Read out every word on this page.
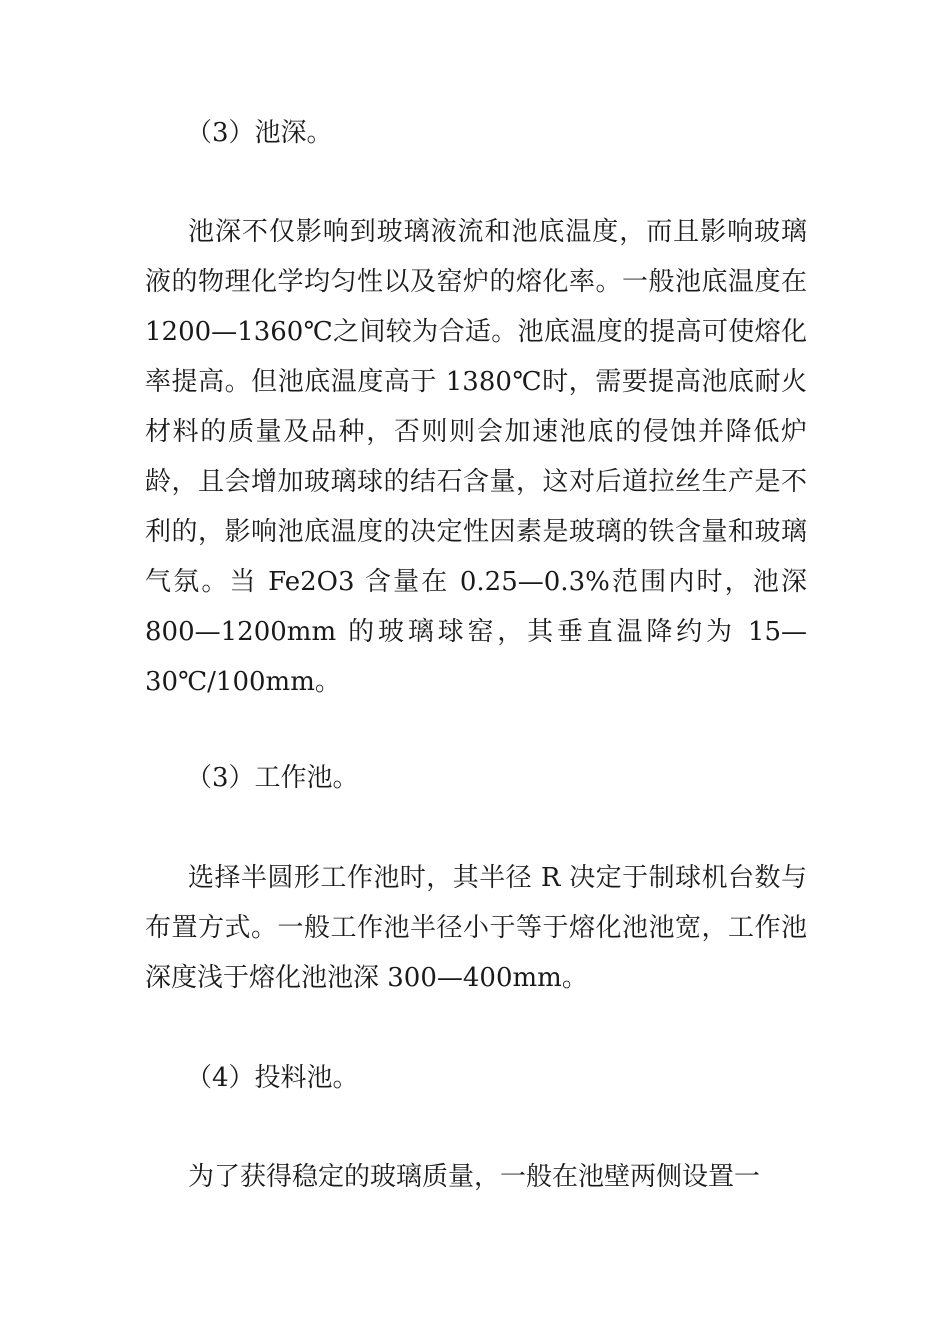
（3）池深。
池深不仅影响到玻璃液流和池底温度，而且影响玻璃液的物理化学均匀性以及窑炉的熔化率。一般池底温度在 1200—1360℃之间较为合适。池底温度的提高可使熔化率提高。但池底温度高于 1380℃时，需要提高池底耐火材料的质量及品种，否则则会加速池底的侵蚀并降低炉龄，且会增加玻璃球的结石含量，这对后道拉丝生产是不利的，影响池底温度的决定性因素是玻璃的铁含量和玻璃气氛。当 Fe2O3 含量在 0.25—0.3%范围内时，池深 800—1200mm 的玻璃球窑，其垂直温降约为 15—30℃/100mm。
（3）工作池。
选择半圆形工作池时，其半径 R 决定于制球机台数与布置方式。一般工作池半径小于等于熔化池池宽，工作池深度浅于熔化池池深 300—400mm。
（4）投料池。
为了获得稳定的玻璃质量，一般在池壁两侧设置一
